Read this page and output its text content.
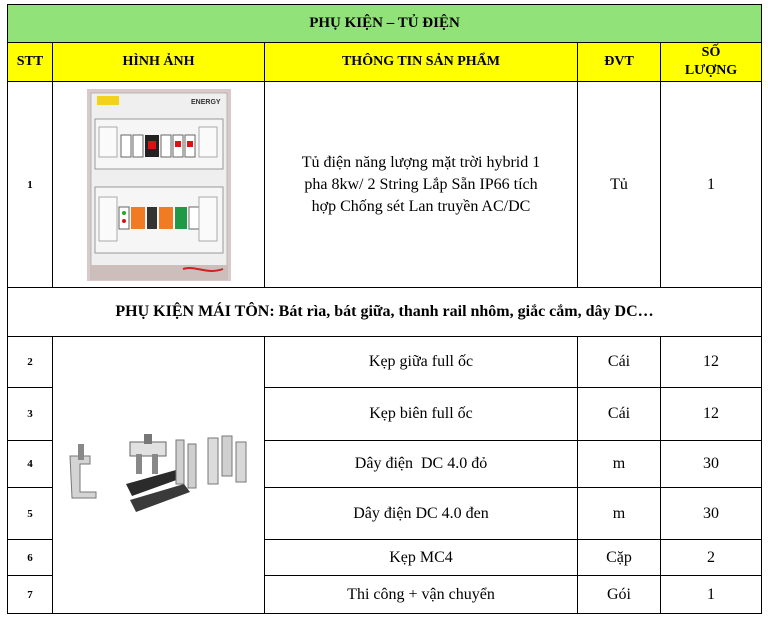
PHỤ KIỆN – TỦ ĐIỆN				
STT	HÌNH ẢNH	THÔNG TIN SẢN PHẨM	ĐVT	SỐ
LƯỢNG

1	ENERGY	Tủ điện năng lượng mặt trời hybrid 1
pha 8kw/ 2 String Lắp Sẵn IP66 tích
hợp Chống sét Lan truyền AC/DC	Tủ	1
PHỤ KIỆN MÁI TÔN: Bát rìa, bát giữa, thanh rail nhôm, giắc cắm, dây DC…				
2		Kẹp giữa full ốc	Cái	12
3		Kẹp biên full ốc	Cái	12
4		Dây điện  DC 4.0 đỏ	m	30
5		Dây điện DC 4.0 đen	m	30
6		Kẹp MC4	Cặp	2
7		Thi công + vận chuyển	Gói	1
